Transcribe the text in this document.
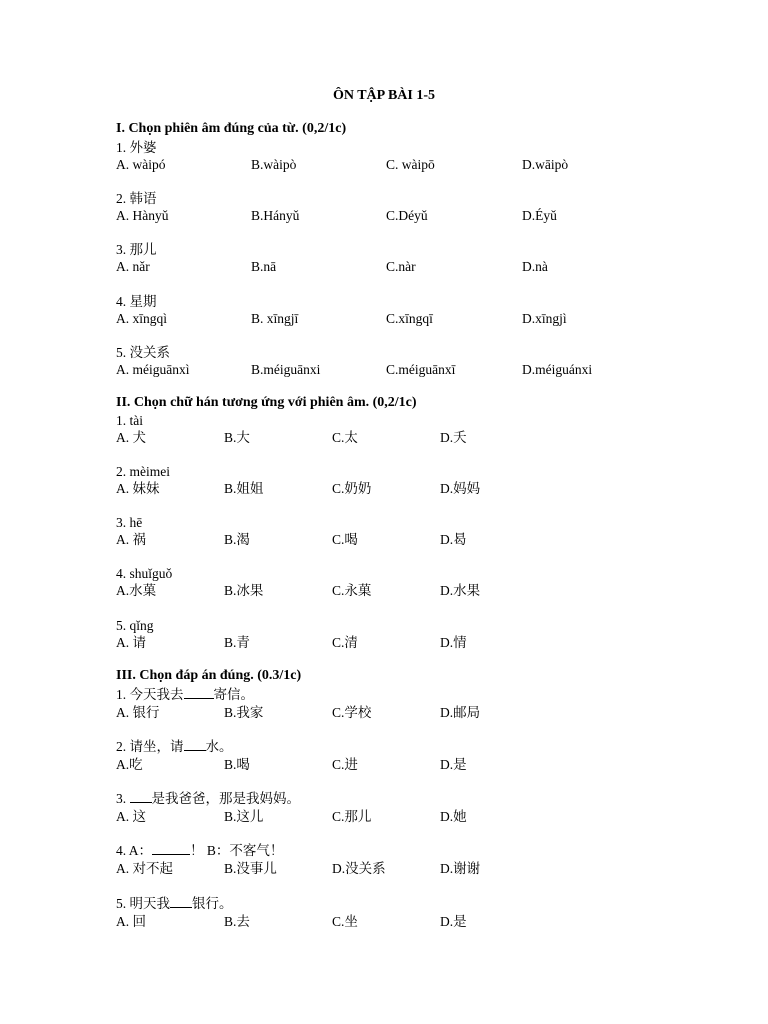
ÔN TẬP BÀI 1-5
I. Chọn phiên âm đúng của từ. (0,2/1c)
1. 外婆
A. wàipó	B.wàipò	C. wàipō	D.wāipò
2. 韩语
A. Hànyǔ	B.Hányǔ	C.Déyǔ	D.Éyǔ
3. 那儿
A. nǎr	B.nā	C.nàr	D.nà
4. 星期
A. xīngqì	B. xīngjī	C.xīngqī	D.xīngjì
5. 没关系
A. méiguānxì	B.méiguānxi	C.méiguānxī	D.méiguánxi
II. Chọn chữ hán tương ứng với phiên âm. (0,2/1c)
1. tài
A. 犬	B.大	C.太	D.夭
2. mèimei
A. 妹妹	B.姐姐	C.奶奶	D.妈妈
3. hē
A. 祸	B.渴	C.喝	D.曷
4. shuǐguǒ
A.水菓	B.冰果	C.永菓	D.水果
5. qǐng
A. 请	B.青	C.清	D.情
III. Chọn đáp án đúng. (0.3/1c)
1. 今天我去 寄信。
A. 银行	B.我家	C.学校	D.邮局
2. 请坐，请 水。
A.吃	B.喝	C.进	D.是
3. 是我爸爸，那是我妈妈。
A. 这	B.这儿	C.那儿	D.她
4. A：	！ B：不客气！
A. 对不起	B.没事儿	D.没关系	D.谢谢
5. 明天我 银行。
A. 回	B.去	C.坐	D.是
